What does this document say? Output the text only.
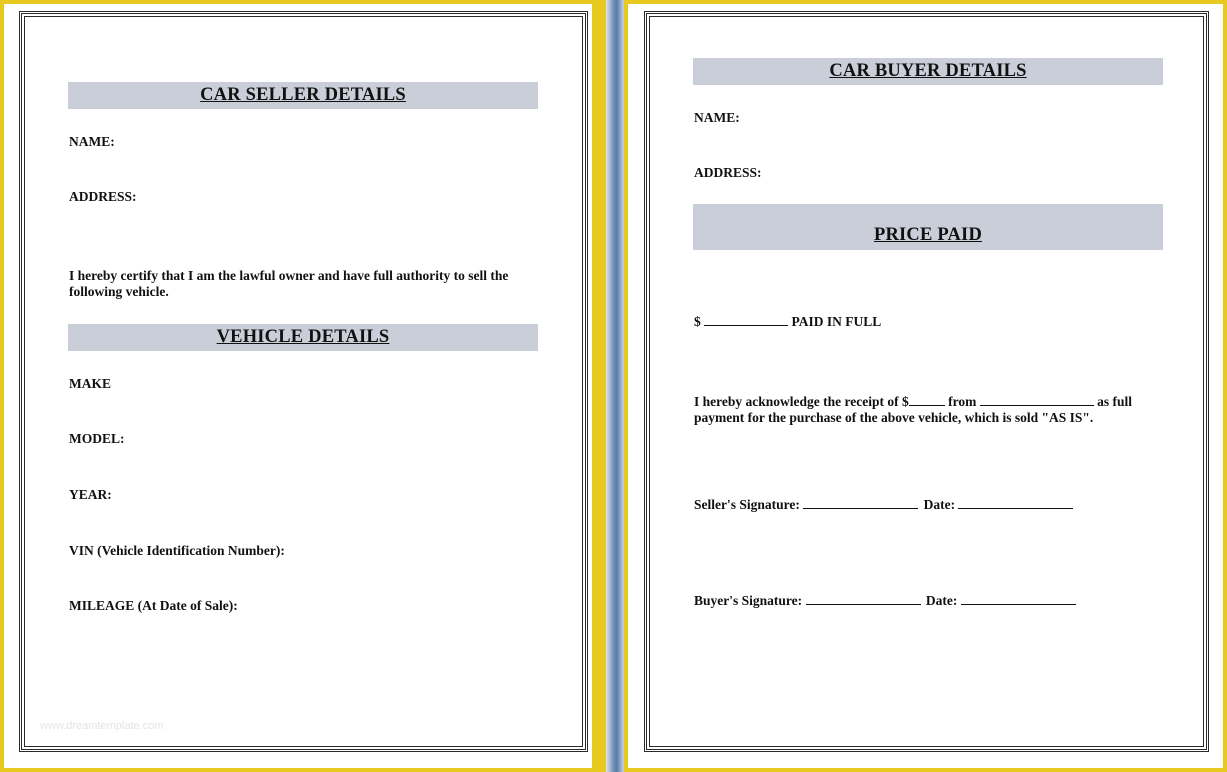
CAR SELLER DETAILS
NAME:
ADDRESS:
I hereby certify that I am the lawful owner and have full authority to sell the following vehicle.
VEHICLE DETAILS
MAKE
MODEL:
YEAR:
VIN (Vehicle Identification Number):
MILEAGE (At Date of Sale):
www.dreamtemplate.com
CAR BUYER DETAILS
NAME:
ADDRESS:
PRICE PAID
$	PAID IN FULL
I hereby acknowledge the receipt of $	from	as full payment for the purchase of the above vehicle, which is sold "AS IS".
Seller's Signature:	Date:
Buyer's Signature:	Date:
